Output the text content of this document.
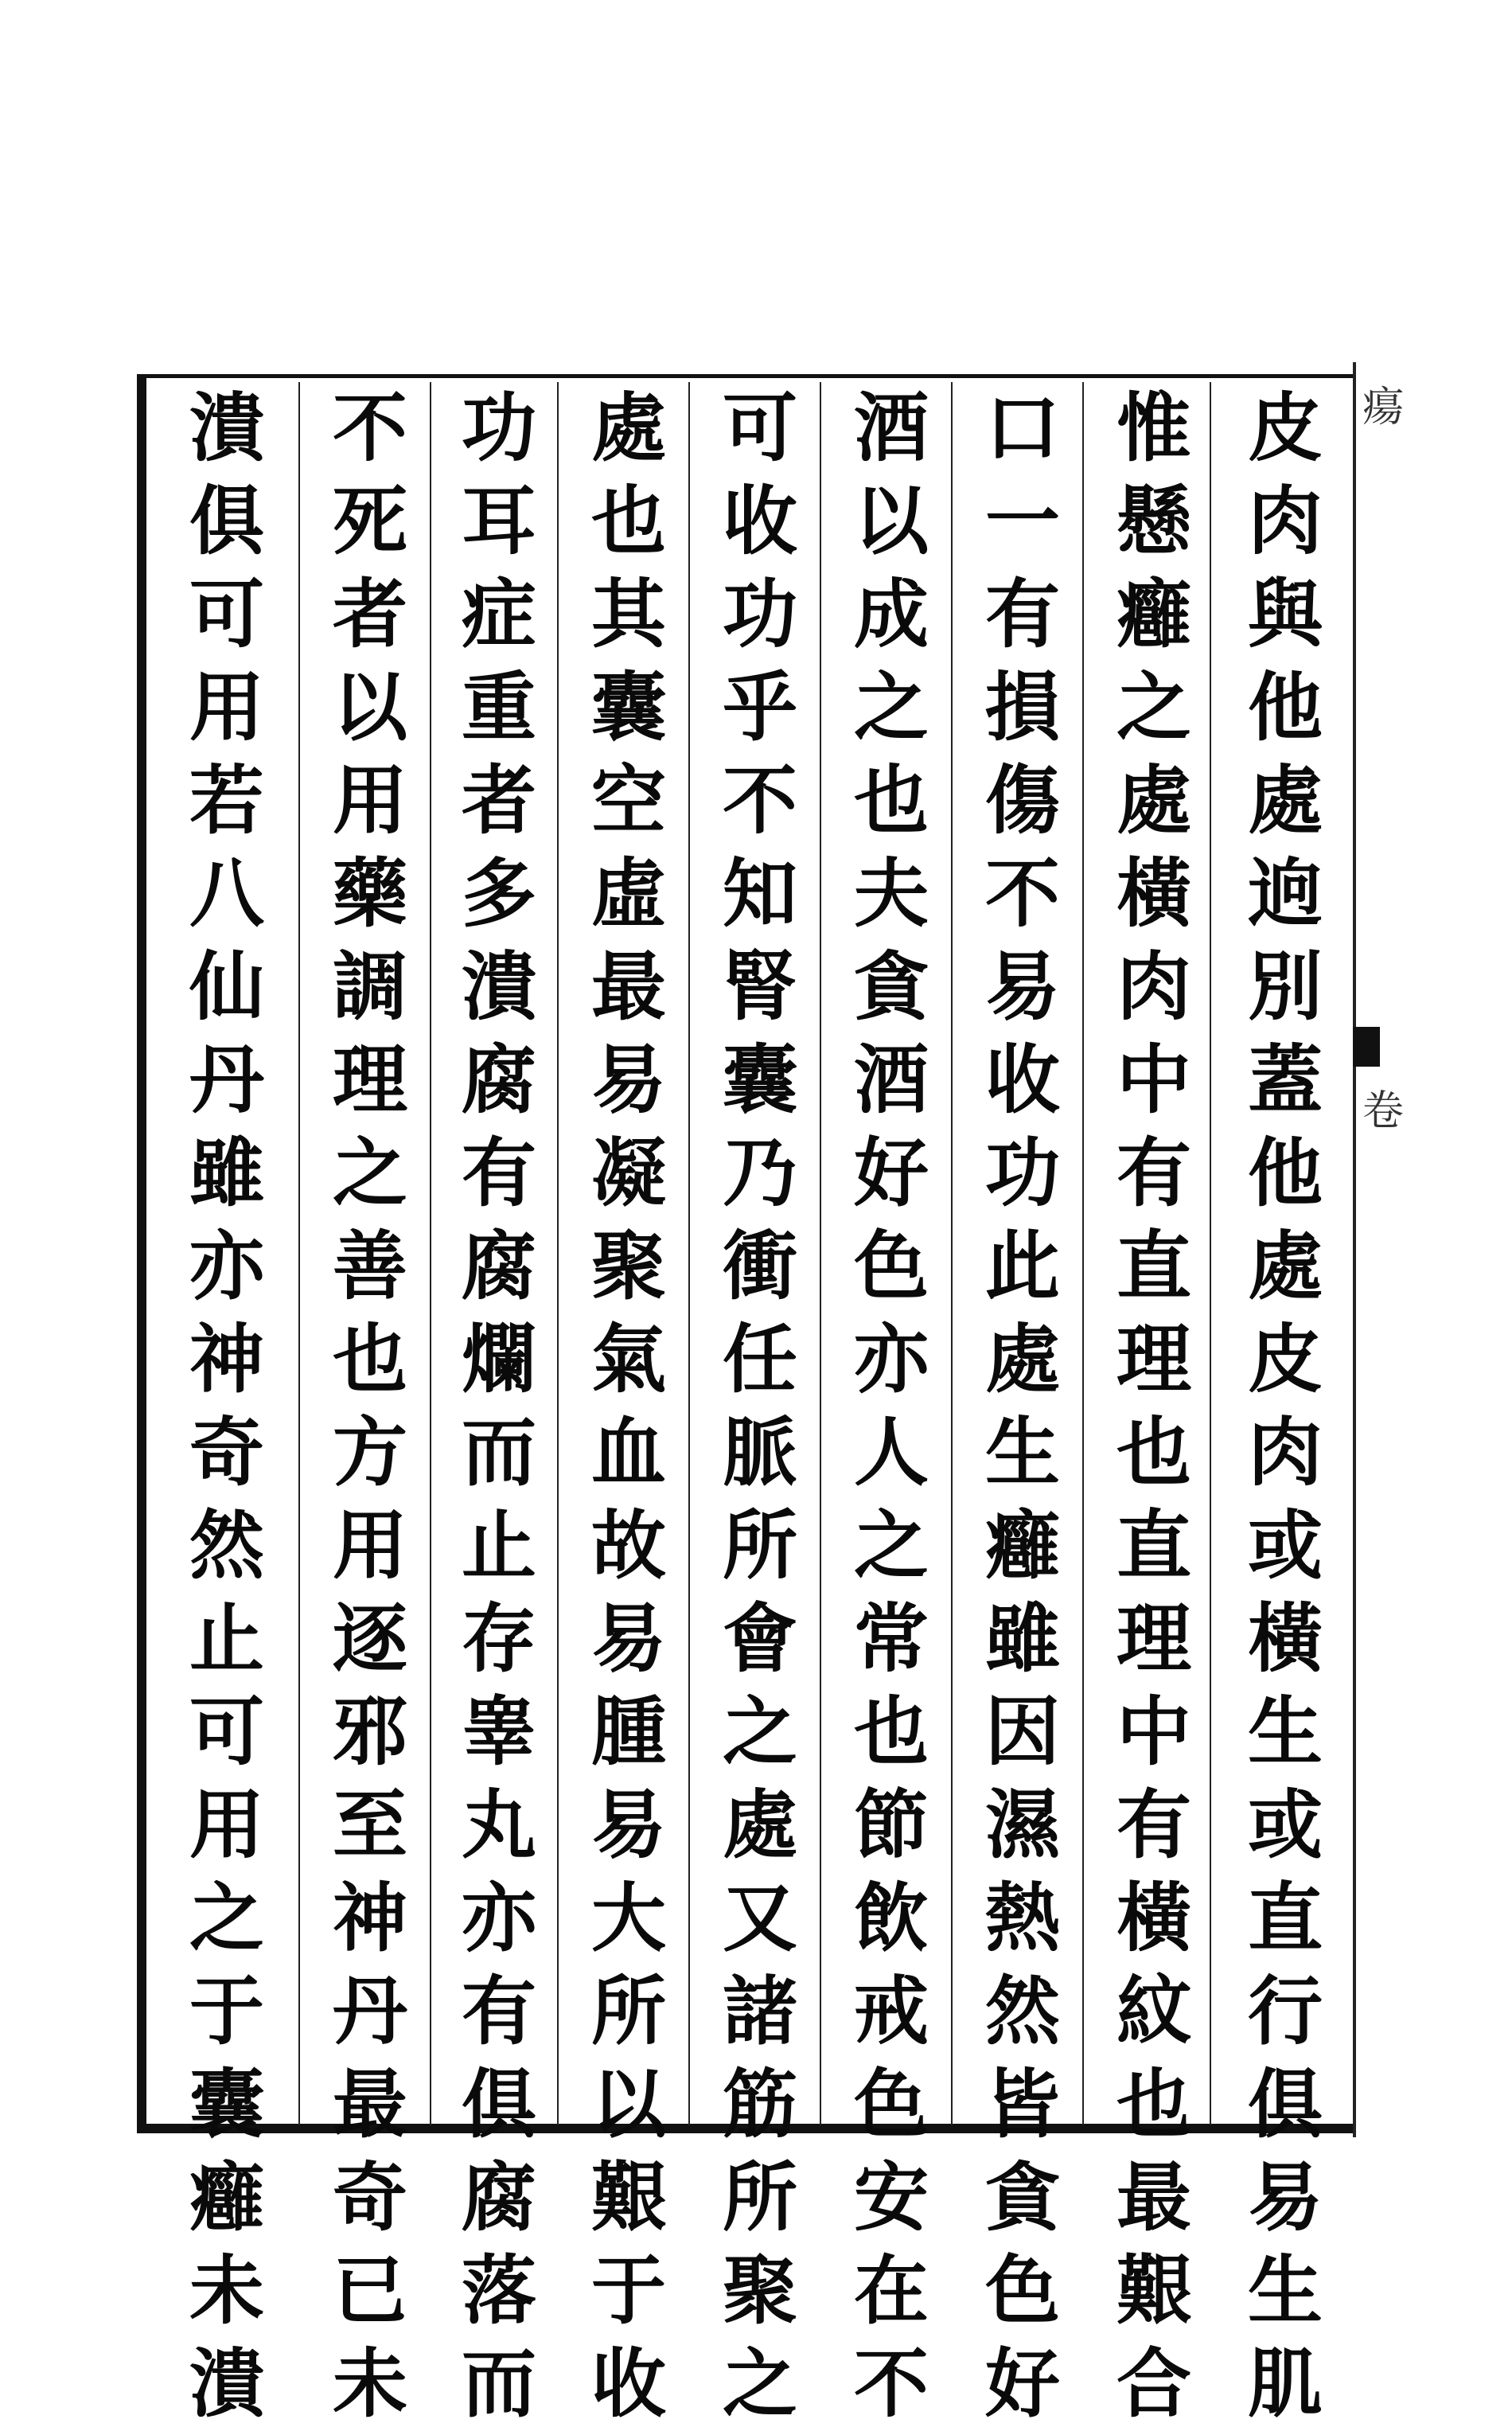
瘍
卷
皮
肉
與
他
處
逈
別
蓋
他
處
皮
肉
或
橫
生
或
直
行
俱
易
生
肌
惟
懸
癰
之
處
橫
肉
中
有
直
理
也
直
理
中
有
橫
紋
也
最
艱
合
口
一
有
損
傷
不
易
收
功
此
處
生
癰
雖
因
濕
熱
然
皆
貪
色
好
酒
以
成
之
也
夫
貪
酒
好
色
亦
人
之
常
也
節
飲
戒
色
安
在
不
可
收
功
乎
不
知
腎
囊
乃
衝
任
脈
所
會
之
處
又
諸
筋
所
聚
之
處
也
其
囊
空
虛
最
易
凝
聚
氣
血
故
易
腫
易
大
所
以
艱
于
收
功
耳
症
重
者
多
潰
腐
有
腐
爛
而
止
存
睾
丸
亦
有
俱
腐
落
而
不
死
者
以
用
藥
調
理
之
善
也
方
用
逐
邪
至
神
丹
最
奇
已
未
潰
俱
可
用
若
八
仙
丹
雖
亦
神
奇
然
止
可
用
之
于
囊
癰
未
潰
